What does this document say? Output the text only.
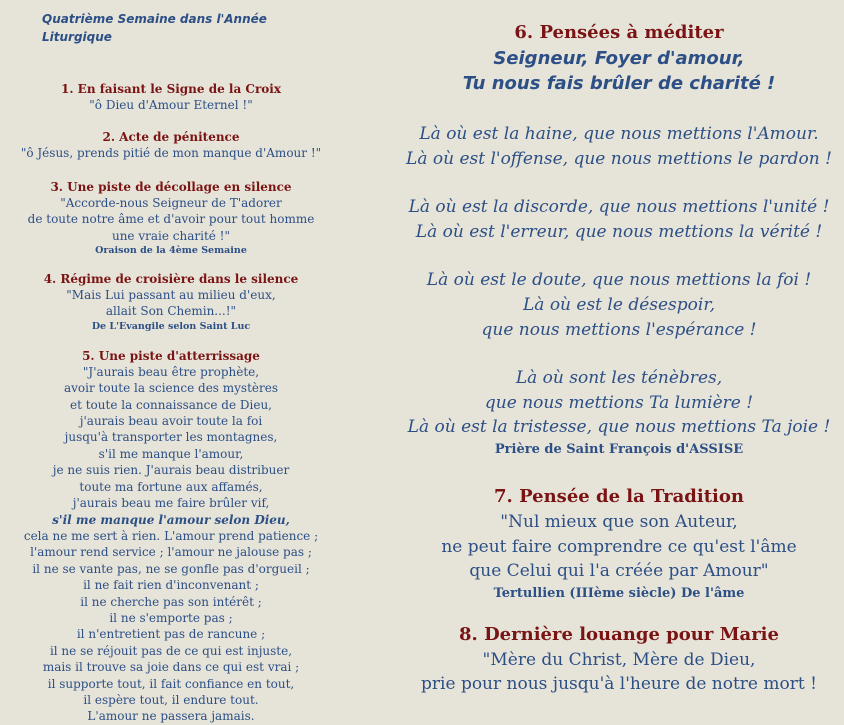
Quatrième Semaine dans l'Année Liturgique
1. En faisant le Signe de la Croix
"ô Dieu d'Amour Eternel !"
2. Acte de pénitence
"ô Jésus, prends pitié de mon manque d'Amour !"
3. Une piste de décollage en silence
"Accorde-nous Seigneur de T'adorer
de toute notre âme et d'avoir pour tout homme
une vraie charité !"
Oraison de la 4ème Semaine
4. Régime de croisière dans le silence
"Mais Lui passant au milieu d'eux,
allait Son Chemin...!"
De L'Evangile selon Saint Luc
5. Une piste d'atterrissage
"J'aurais beau être prophète,
avoir toute la science des mystères
et toute la connaissance de Dieu,
j'aurais beau avoir toute la foi
jusqu'à transporter les montagnes,
s'il me manque l'amour,
je ne suis rien. J'aurais beau distribuer
toute ma fortune aux affamés,
j'aurais beau me faire brûler vif,
s'il me manque l'amour selon Dieu,
cela ne me sert à rien. L'amour prend patience ;
l'amour rend service ; l'amour ne jalouse pas ;
il ne se vante pas, ne se gonfle pas d'orgueil ;
il ne fait rien d'inconvenant ;
il ne cherche pas son intérêt ;
il ne s'emporte pas ;
il n'entretient pas de rancune ;
il ne se réjouit pas de ce qui est injuste,
mais il trouve sa joie dans ce qui est vrai ;
il supporte tout, il fait confiance en tout,
il espère tout, il endure tout.
L'amour ne passera jamais.
6. Pensées à méditer
Seigneur, Foyer d'amour,
Tu nous fais brûler de charité !
Là où est la haine, que nous mettions l'Amour.
Là où est l'offense, que nous mettions le pardon !
Là où est la discorde, que nous mettions l'unité !
Là où est l'erreur, que nous mettions la vérité !
Là où est le doute, que nous mettions la foi !
Là où est le désespoir,
que nous mettions l'espérance !
Là où sont les ténèbres,
que nous mettions Ta lumière !
Là où est la tristesse, que nous mettions Ta joie !
Prière de Saint François d'ASSISE
7. Pensée de la Tradition
"Nul mieux que son Auteur,
ne peut faire comprendre ce qu'est l'âme
que Celui qui l'a créée par Amour"
Tertullien (IIIème siècle) De l'âme
8. Dernière louange pour Marie
"Mère du Christ, Mère de Dieu,
prie pour nous jusqu'à l'heure de notre mort !
